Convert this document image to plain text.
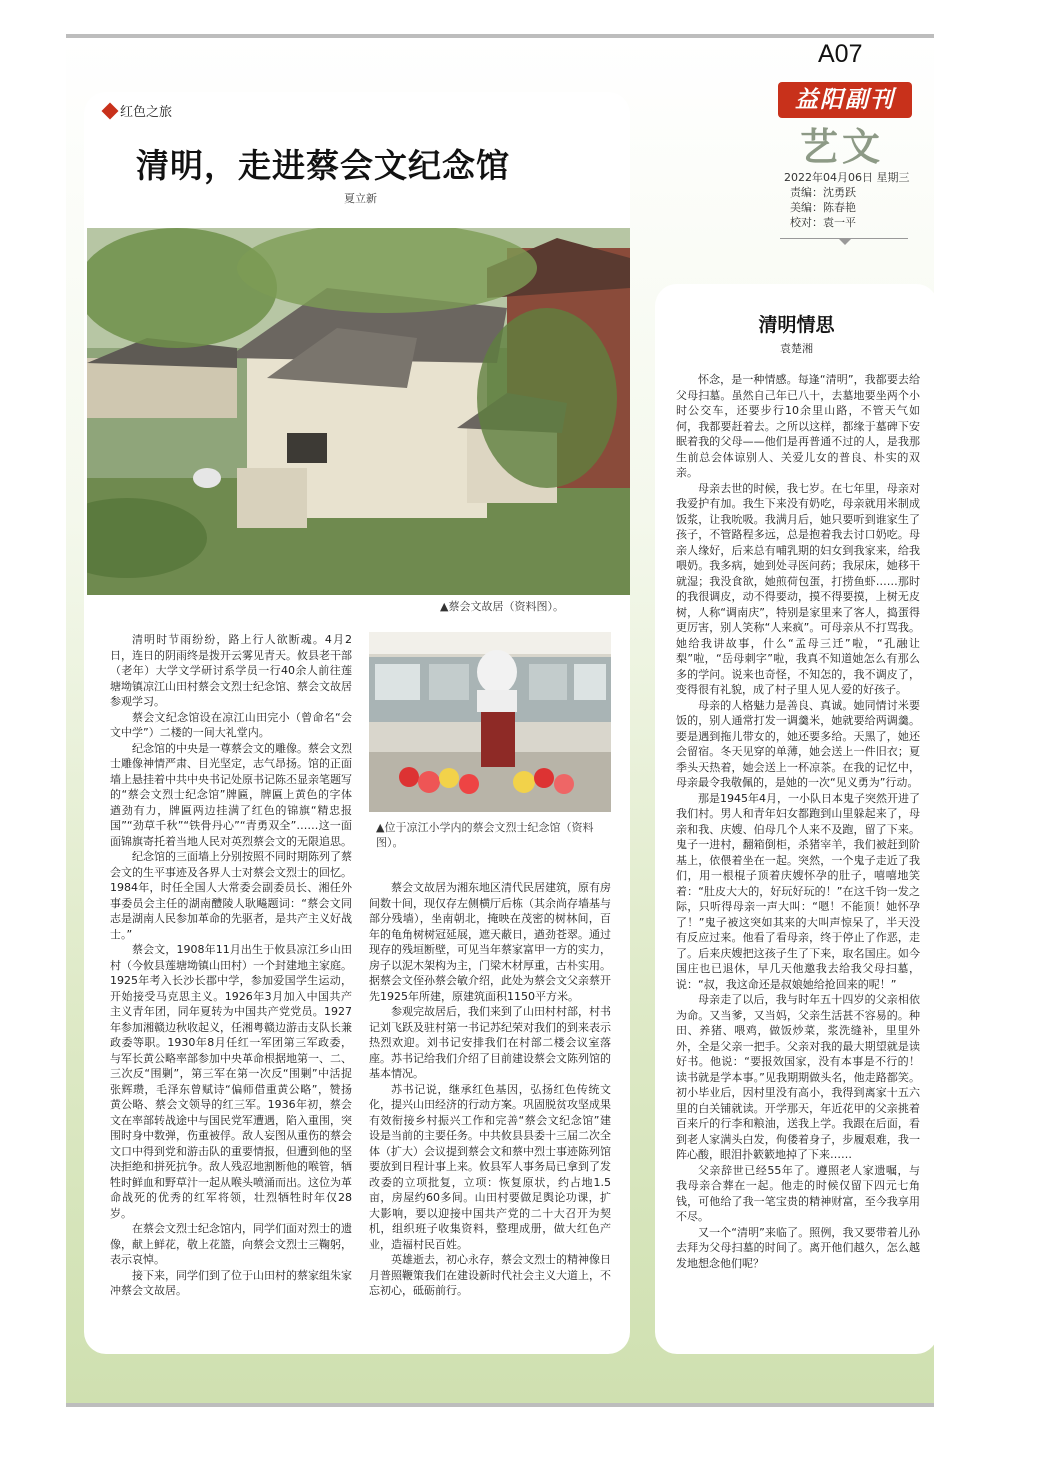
A07
益阳副刊
艺文
2022年04月06日 星期三
责编：沈勇跃
美编：陈春艳
校对：袁一平
红色之旅
清明，走进蔡会文纪念馆
夏立新
▲蔡会文故居（资料图）。

清明时节雨纷纷，路上行人欲断魂。4月2日，连日的阴雨终是拨开云雾见青天。攸县老干部（老年）大学文学研讨系学员一行40余人前往莲塘坳镇凉江山田村蔡会文烈士纪念馆、蔡会文故居参观学习。

蔡会文纪念馆设在凉江山田完小（曾命名“会文中学”）二楼的一间大礼堂内。

纪念馆的中央是一尊蔡会文的雕像。蔡会文烈士雕像神情严肃、目光坚定，志气昂扬。馆的正面墙上悬挂着中共中央书记处原书记陈丕显亲笔题写的“蔡会文烈士纪念馆”牌匾，牌匾上黄色的字体遒劲有力，牌匾两边挂满了红色的锦旗“精忠报国”“劲草千秋”“铁骨丹心”“青勇双全”……这一面面锦旗寄托着当地人民对英烈蔡会文的无限追思。

纪念馆的三面墙上分别按照不同时期陈列了蔡会文的生平事迹及各界人士对蔡会文烈士的回忆。1984年，时任全国人大常委会副委员长、湘任外事委员会主任的湖南醴陵人耿飚题词：“蔡会文同志是湖南人民参加革命的先驱者，是共产主义好战士。”

蔡会文，1908年11月出生于攸县凉江乡山田村（今攸县莲塘坳镇山田村）一个封建地主家庭。1925年考入长沙长郡中学，参加爱国学生运动，开始接受马克思主义。1926年3月加入中国共产主义青年团，同年夏转为中国共产党党员。1927年参加湘赣边秋收起义，任湘粤赣边游击支队长兼政委等职。1930年8月任红一军团第三军政委，与军长黄公略率部参加中央革命根据地第一、二、三次反“围剿”，第三军在第一次反“围剿”中活捉张辉瓒，毛泽东曾赋诗“偏师借重黄公略”，赞扬黄公略、蔡会文领导的红三军。1936年初，蔡会文在率部转战途中与国民党军遭遇，陷入重围，突围时身中数弹，伤重被俘。敌人妄图从重伤的蔡会文口中得到党和游击队的重要情报，但遭到他的坚决拒绝和拼死抗争。敌人残忍地割断他的喉管，牺牲时鲜血和野草汁一起从喉头喷涌而出。这位为革命战死的优秀的红军将领，壮烈牺牲时年仅28岁。

在蔡会文烈士纪念馆内，同学们面对烈士的遗像，献上鲜花，敬上花篮，向蔡会文烈士三鞠躬，表示哀悼。

接下来，同学们到了位于山田村的蔡家组朱家冲蔡会文故居。

▲位于凉江小学内的蔡会文烈士纪念馆（资料图）。

蔡会文故居为湘东地区清代民居建筑，原有房间数十间，现仅存左侧横厅后栋（其余尚存墙基与部分残墙），坐南朝北，掩映在茂密的树林间，百年的龟角树树冠延展，遮天蔽日，遒劲苍翠。通过现存的残垣断壁，可见当年蔡家富甲一方的实力，房子以泥木架构为主，门梁木材厚重，古朴实用。据蔡会文侄孙蔡会敏介绍，此处为蔡会文父亲蔡开先1925年所建，原建筑面积1150平方米。

参观完故居后，我们来到了山田村村部，村书记刘飞跃及驻村第一书记苏纪荣对我们的到来表示热烈欢迎。刘书记安排我们在村部二楼会议室落座。苏书记给我们介绍了目前建设蔡会文陈列馆的基本情况。

苏书记说，继承红色基因，弘扬红色传统文化，提兴山田经济的行动方案。巩固脱贫攻坚成果有效衔接乡村振兴工作和完善“蔡会文纪念馆”建设是当前的主要任务。中共攸县县委十三届二次全体（扩大）会议提到蔡会文和蔡中烈士事迹陈列馆要放到日程计事上来。攸县军人事务局已拿到了发改委的立项批复，立项：恢复原状，约占地1.5亩，房屋约60多间。山田村要做足舆论功课，扩大影响，要以迎接中国共产党的二十大召开为契机，组织班子收集资料，整理成册，做大红色产业，造福村民百姓。

英雄逝去，初心永存，蔡会文烈士的精神像日月普照鞭策我们在建设新时代社会主义大道上，不忘初心，砥砺前行。

清明情思
袁楚湘

怀念，是一种情感。每逢“清明”，我都要去给父母扫墓。虽然自己年已八十，去墓地要坐两个小时公交车，还要步行10余里山路，不管天气如何，我都要赶着去。之所以这样，都缘于墓碑下安眠着我的父母——他们是再普通不过的人，是我那生前总会体谅别人、关爱儿女的普良、朴实的双亲。

母亲去世的时候，我七岁。在七年里，母亲对我爱护有加。我生下来没有奶吃，母亲就用米制成饭浆，让我吮吸。我满月后，她只要听到谁家生了孩子，不管路程多远，总是抱着我去讨口奶吃。母亲人缘好，后来总有哺乳期的妇女到我家来，给我喂奶。我多病，她到处寻医问药；我尿床，她移干就湿；我没食欲，她煎荷包蛋，打捞鱼虾……那时的我很调皮，动不得要动，摸不得要摸，上树无皮树，人称“调南庆”，特别是家里来了客人，捣蛋得更厉害，别人笑称“人来疯”。可母亲从不打骂我。她给我讲故事，什么“孟母三迁”啦，“孔融让梨”啦，“岳母刺字”啦，我真不知道她怎么有那么多的学问。说来也奇怪，不知怎的，我不调皮了，变得很有礼貌，成了村子里人见人爱的好孩子。

母亲的人格魅力是善良、真诚。她同情讨米要饭的，别人通常打发一调羹米，她就要给两调羹。要是遇到拖儿带女的，她还要多给。天黑了，她还会留宿。冬天见穿的单薄，她会送上一件旧衣；夏季头天热着，她会送上一杯凉茶。在我的记忆中，母亲最令我敬佩的，是她的一次“见义勇为”行动。

那是1945年4月，一小队日本鬼子突然开进了我们村。男人和青年妇女都跑到山里躲起来了，母亲和我、庆嫂、伯母几个人来不及跑，留了下来。鬼子一进村，翻箱倒柜，杀猪宰羊，我们被赶到阶基上，依偎着坐在一起。突然，一个鬼子走近了我们，用一根棍子顶着庆嫂怀孕的肚子，嘻嘻地笑着：“肚皮大大的，好玩好玩的！”在这千钧一发之际，只听得母亲一声大叫：“嗯！不能顶！她怀孕了！”鬼子被这突如其来的大叫声惊呆了，半天没有反应过来。他看了看母亲，终于停止了作恶，走了。后来庆嫂把这孩子生了下来，取名国庄。如今国庄也已退休，早几天他邀我去给我父母扫墓，说：“叔，我这命还是叔娘她给抢回来的呢！”

母亲走了以后，我与时年五十四岁的父亲相依为命。又当爹，又当妈，父亲生活甚不容易的。种田、养猪、喂鸡，做饭炒菜，浆洗缝补，里里外外，全是父亲一把手。父亲对我的最大期望就是读好书。他说：“要报效国家，没有本事是不行的！读书就是学本事。”见我期期做头名，他走路都笑。初小毕业后，因村里没有高小，我得到离家十五六里的白关铺就读。开学那天，年近花甲的父亲挑着百来斤的行李和粮油，送我上学。我跟在后面，看到老人家满头白发，佝偻着身子，步履艰难，我一阵心酸，眼泪扑簌簌地掉了下来……

父亲辞世已经55年了。遵照老人家遗嘱，与我母亲合葬在一起。他走的时候仅留下四元七角钱，可他给了我一笔宝贵的精神财富，至今我享用不尽。

又一个“清明”来临了。照例，我又要带着儿孙去拜为父母扫墓的时间了。离开他们越久，怎么越发地想念他们呢？
